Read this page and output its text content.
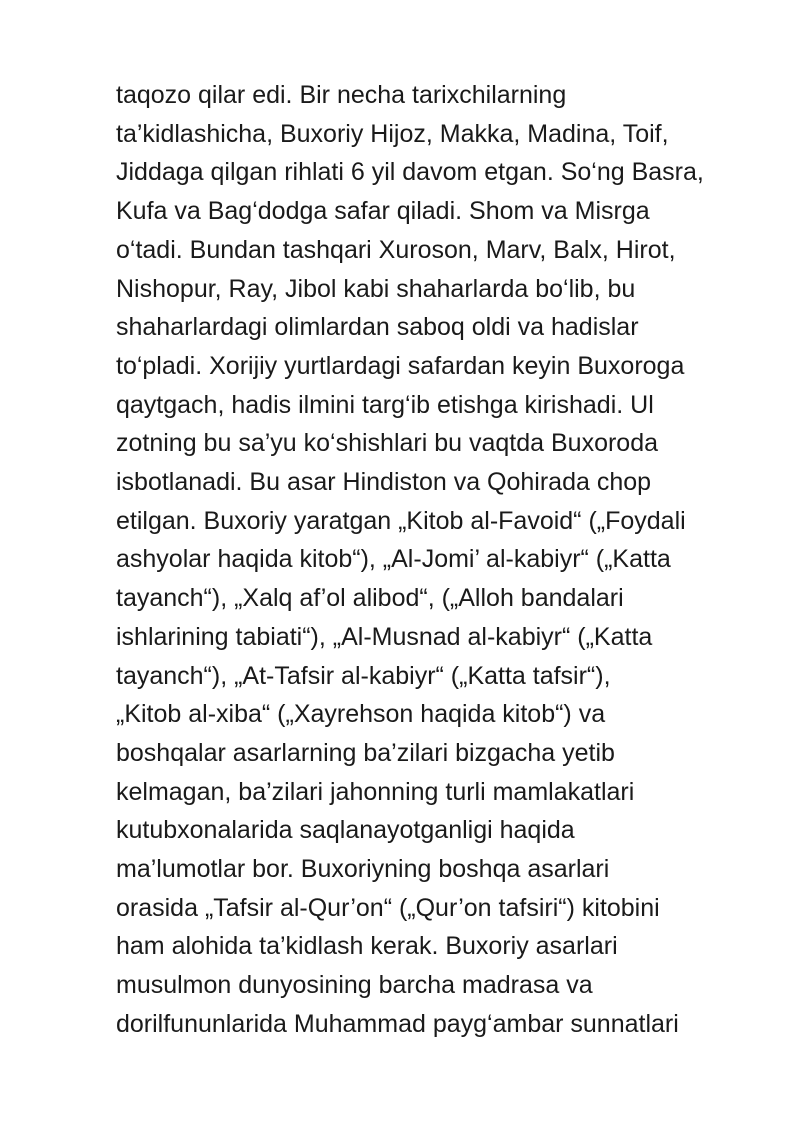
taqozo qilar edi. Bir necha tarixchilarning
ta’kidlashicha, Buxoriy Hijoz, Makka, Madina, Toif,
Jiddaga qilgan rihlati 6 yil davom etgan. So‘ng Basra,
Kufa va Bag‘dodga safar qiladi. Shom va Misrga
o‘tadi. Bundan tashqari Xuroson, Marv, Balx, Hirot,
Nishopur, Ray, Jibol kabi shaharlarda bo‘lib, bu
shaharlardagi olimlardan saboq oldi va hadislar
to‘pladi. Xorijiy yurtlardagi safardan keyin Buxoroga
qaytgach, hadis ilmini targ‘ib etishga kirishadi. Ul
zotning bu sa’yu ko‘shishlari bu vaqtda Buxoroda
isbotlanadi. Bu asar Hindiston va Qohirada chop
etilgan. Buxoriy yaratgan „Kitob al-Favoid“ („Foydali
ashyolar haqida kitob“), „Al-Jomi’ al-kabiyr“ („Katta
tayanch“), „Xalq af’ol alibod“, („Alloh bandalari
ishlarining tabiati“), „Al-Musnad al-kabiyr“ („Katta
tayanch“), „At-Tafsir al-kabiyr“ („Katta tafsir“),
„Kitob al-xiba“ („Xayrehson haqida kitob“) va
boshqalar asarlarning ba’zilari bizgacha yetib
kelmagan, ba’zilari jahonning turli mamlakatlari
kutubxonalarida saqlanayotganligi haqida
ma’lumotlar bor. Buxoriyning boshqa asarlari
orasida „Tafsir al-Qur’on“ („Qur’on tafsiri“) kitobini
ham alohida ta’kidlash kerak. Buxoriy asarlari
musulmon dunyosining barcha madrasa va
dorilfununlarida Muhammad payg‘ambar sunnatlari
